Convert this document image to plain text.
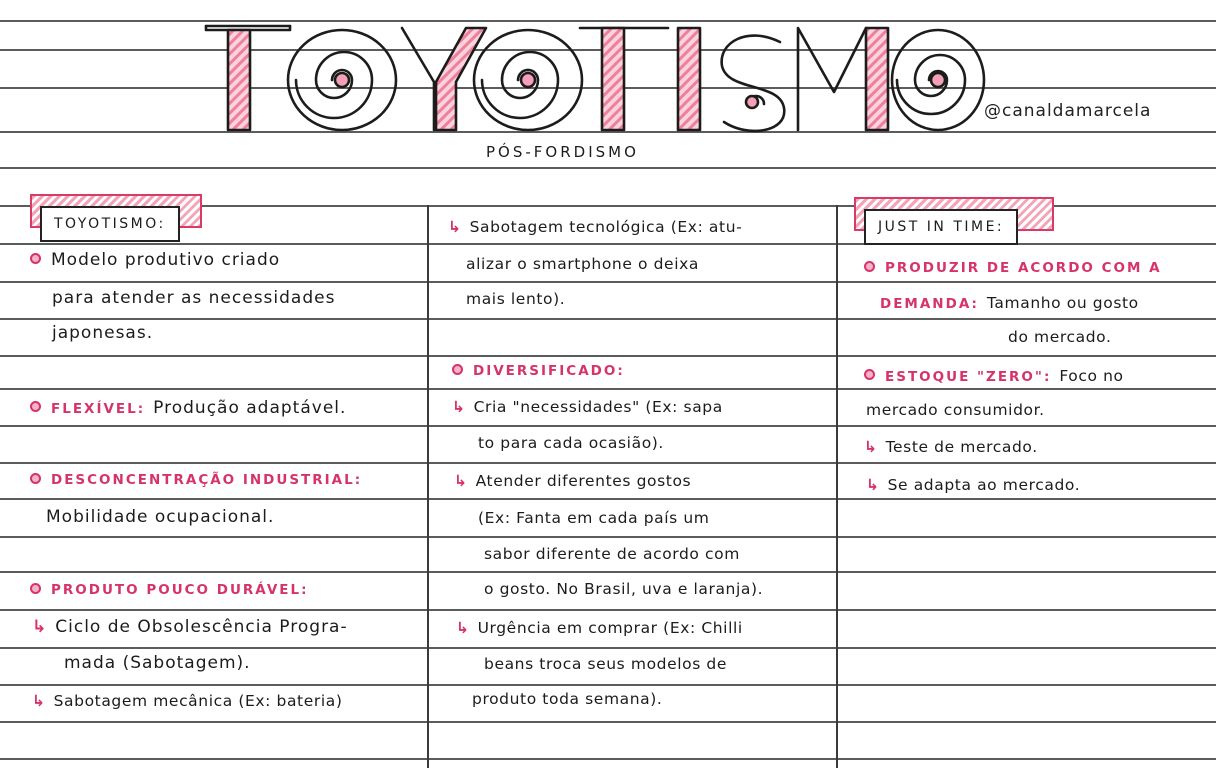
TOYOTISMO
@canaldamarcela
PÓS-FORDISMO
TOYOTISMO:
Modelo produtivo criado
para atender as necessidades
japonesas.
FLEXÍVEL: Produção adaptável.
DESCONCENTRAÇÃO INDUSTRIAL:
Mobilidade ocupacional.
PRODUTO POUCO DURÁVEL:
↳ Ciclo de Obsolescência Progra-
mada (Sabotagem).
↳ Sabotagem mecânica (Ex: bateria)
↳ Sabotagem tecnológica (Ex: atu-
alizar o smartphone o deixa
mais lento).
DIVERSIFICADO:
↳ Cria "necessidades" (Ex: sapa
to para cada ocasião).
↳ Atender diferentes gostos
(Ex: Fanta em cada país um
sabor diferente de acordo com
o gosto. No Brasil, uva e laranja).
↳ Urgência em comprar (Ex: Chilli
beans troca seus modelos de
produto toda semana).
JUST IN TIME:
PRODUZIR DE ACORDO COM A
DEMANDA: Tamanho ou gosto
do mercado.
ESTOQUE "ZERO": Foco no
mercado consumidor.
↳ Teste de mercado.
↳ Se adapta ao mercado.
